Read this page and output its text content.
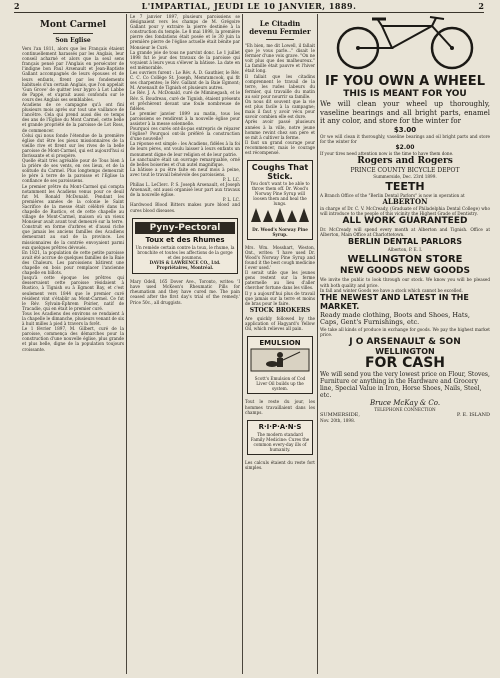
2	L'IMPARTIAL, JEUDI LE 10 JANVIER, 1889.	2
Mont Carmel
Son Eglise
Vers l'an 1811, alors que les Français étaient continuellement harassés par les Anglais, leur conseil acharné et alors que la seul sens français pensé par l'Anglais en persécuter de l'indigne bon Paul Arsenault et Jean-Baptiste Gallant accompagnés de leurs épouses et de leurs enfants, firent par les fondements habituels d'un certain Anglais, que l'on appelait 'Gun Grove' de quitter leur bypro à Lot Labbe de Pappé, et s'aprait aussi confondu sur le cours des Anglais ses semblables.
Acadiens de ce campagne qu'à ont fini plusieurs mois après sur tout une vaillance de l'ancêtre. Cela qui prend aussi dès ce temps des ans de l'Eglise du Mont Carmel, cette belle et grande propriété de la paroisse de Lot Ross, de commencer.
Celui qui nous fonde l'étendue de la première église dut être les pieux missionnaires de la vieille rive et firent sur les rives de la belle paroisse de Mont-Carmel, qui est aujourd'hui si florissante et si prospère.
Quelle était très agréable pour de Tous bien à la prière de ses vents, en ces lieux, et de la solitude du Carmel. Plus longtemps demeurait le père à terre de la paroisse et l'Eglise la confiance de ses paroissiens.
Le premier prêtre du Mont-Carmel qui compta notamment les Acadiens venus pour ce deuil fut M. Ronald McDonald. Pendant les premières années de la colonie le Saint Sacrifice de la messe était célébré dans la chapelle de Rustico, et de cette chapelle au village de Mont-Carmel, maison où un vieux Monsieur avait avant tout demeuré sur la terre.
Construit en forme d'arbres et d'aussi riche que jamais les anciens familles des Acadiens demeurant au sud de la province. Les missionnaires de la contrée envoyaient parmi eux quelques prêtres dévoués.
En 1821, la population de cette petite paroisse avait été accrue de quelques familles de la Baie des Chaleurs. Les paroissiens bâtirent une chapelle en bois pour remplacer l'ancienne chapelle en billots.
Jusqu'à cette époque les prêtres qui desservaient cette paroisse résidaient à Rustico, à Tignish ou à Egmont Bay, et c'est seulement vers 1844 que le premier curé résident vint s'établir au Mont-Carmel. Ce fut le Rév. Sylvain-Éphrem Poirier, natif de Tracadie, qui en était le premier curé.
Tous les Acadiens des environs se rendaient à la chapelle le dimanche, plusieurs venant de six à huit milles à pied à travers la forêt.
Le 1 février 1897, M. Gilbert, curé de la paroisse, commença des démarches pour la construction d'une nouvelle église, plus grande et plus belle, digne de la population toujours croissante.
Le 7 janvier 1897, plusieurs paroissiens se désignaient vers les champs de M. Grégoire Gallant pour y extraire la pierre destinée à la construction du temple. Le 8 mai 1898, la première pierre des fondations était posée et le 30 juin la première pierre de l'église actuelle était bénite par Monsieur le Curé.
La grande joie de tous ne parvint donc. Le 1 juillet 1898 fut le jour des travaux de la paroisse qui voyaient à leurs yeux s'élever la bâtisse. La date en est mémorable.
Les ouvriers furent : Le Rév. A. D. Gauthier, le Rév. C. C. Co Collège St. Joseph, Memramcook, qui fit ses charpentes; le Rév. Gallant de la Baie Egmont; M. Arsenault de Tignish et plusieurs autres.
Le Rév. J. A. McDonald, curé de Miminegash, et le Rév. S. Boudreau, curé de Tignish, étaient présents et prêchèrent devant une foule nombreuse de fidèles.
Le premier janvier 1899 au matin, tous les paroissiens se rendirent à la nouvelle église pour assister à la messe solennelle.
Pourquoi ces curés ont-ils-pas entrepris de réparer l'église? Pourquoi ont-ils préféré la construction d'une nouvelle?
La réponse est simple : les Acadiens, fidèles à la foi de leurs pères, ont voulu laisser à leurs enfants un monument digne de leur religion et de leur patrie.
Le sanctuaire était un ouvrage remarquable, orné de belles boiseries et d'un autel magnifique.
La bâtisse a pu être faite en neuf mois à peine, avec tout le travail bénévole des paroissiens.
P. L. LC.
Philias L. LeClerc. P. S. Joseph Arsenault, et Joseph Arsenault, ont aussi organisé leur part aux travaux de la nouvelle église.
P. L. LC.
Hardwood Blood Bitters makes pure blood and cures blood diseases.
Pyny-Pectoral
Toux et des Rhumes
Un remède certain contre la toux, le rhume, la bronchite et toutes les affections de la gorge et des poumons.
DAVIS & LAWRENCE CO., Ltd. Propriétaires, Montréal.
Mary Odell, 165 Dover Ave., Toronto, writes: 'I have used McKeon's Rheumatic Pills for rheumatism and they have cured me. The pain ceased after the first day's trial of the remedy.' Price 50c., all druggists.
Le Citadin devenu Fermier
"Eh bien, me dit Lowell, il fallait que je vous parle..." disait le fermier d'une voix grave. "On ne voit plus que des malheureux." La famille était pauvre et l'hiver était long.
Il fallait que les citadins comprennent le travail de la terre, les rudes labeurs du fermier, qui travaille du matin au soir pour nourrir sa famille.
On nous dit souvent que la vie est plus facile à la campagne; mais il faut y avoir vécu pour savoir combien elle est dure.
Après avoir passé plusieurs années à la ville, notre jeune homme revint chez son père et se mit à cultiver la ferme.
Il faut un grand courage pour recommencer, mais le courage est récompensé.
Coughs That Stick.
You don't want to be able to throw them off. Dr. Wood's Norway Pine Syrup will loosen them and heal the lungs.
Dr. Wood's Norway Pine Syrup.
Mrs. Wm. Mosshart, Weston, Ont., writes: 'I have used Dr. Wood's Norway Pine Syrup and found it the best cough medicine I ever used.'
Il serait utile que les jeunes gens restent sur la ferme paternelle au lieu d'aller chercher fortune dans les villes.
Il y a aujourd'hui plus de travail que jamais sur la terre et moins de bras pour le faire.
STOCK BROKERS
Are quickly followed by the application of Hagyard's Yellow Oil, which relieves all pain.
EMULSION
Scott's Emulsion of Cod Liver Oil builds up the system.
Tout le reste du jour, les hommes travaillaient dans les champs.
R·I·P·A·N·S
The modern standard Family Medicine: Cures the common every-day ills of humanity.
Les calculs étaient du reste fort simples.
IF YOU OWN A WHEEL
THIS IS MEANT FOR YOU
We will clean your wheel up thoroughly, vaseline bearings and all bright parts, enamel it any color, and store for the winter for
$3.00
Or we will clean it thoroughly, vaseline bearings and oil bright parts and store for the winter for
$2.00
If your tires need attention now is the time to have them done.
Rogers and Rogers
PRINCE COUNTY BICYCLE DEPOT
Summerside, Dec. 23rd 1899.
TEETH
A Branch Office of the "Berlin Dental Parlors" is now in operation at
ALBERTON
in charge of Dr. C. V. McCready, (Graduate of Philadelphia Dental College) who will introduce to the people of this vicinity the Highest Grade of Dentistry.
ALL WORK GUARANTEED
Dr. McCready will spend every month at Alberton and Tignish. Office at Alberton, Main Office at Charlottetown.
BERLIN DENTAL PARLORS
Alberton, P. E. I.
WELLINGTON STORE
NEW GOODS NEW GOODS
We invite the public to look through our stock. We know you will be pleased with both quality and price.
In fall and winter Goods we have a stock which cannot be excelled.
THE NEWEST AND LATEST IN THE MARKET.
Ready made clothing, Boots and Shoes, Hats, Caps, Gent's Furnishings, etc.
We take all kinds of produce in exchange for goods. We pay the highest market price.
J O ARSENAULT & SON
WELLINGTON
FOR CASH
We will send you the very lowest price on Flour, Stoves, Furniture or anything in the Hardware and Grocery line, Special Value in Iron, Horse Shoes, Nails, Steel, etc.
Bruce McKay & Co.
TELEPHONE CONNECTION
SUMMERSIDE,	P. E. ISLAND
Nov. 20th, 1898.
